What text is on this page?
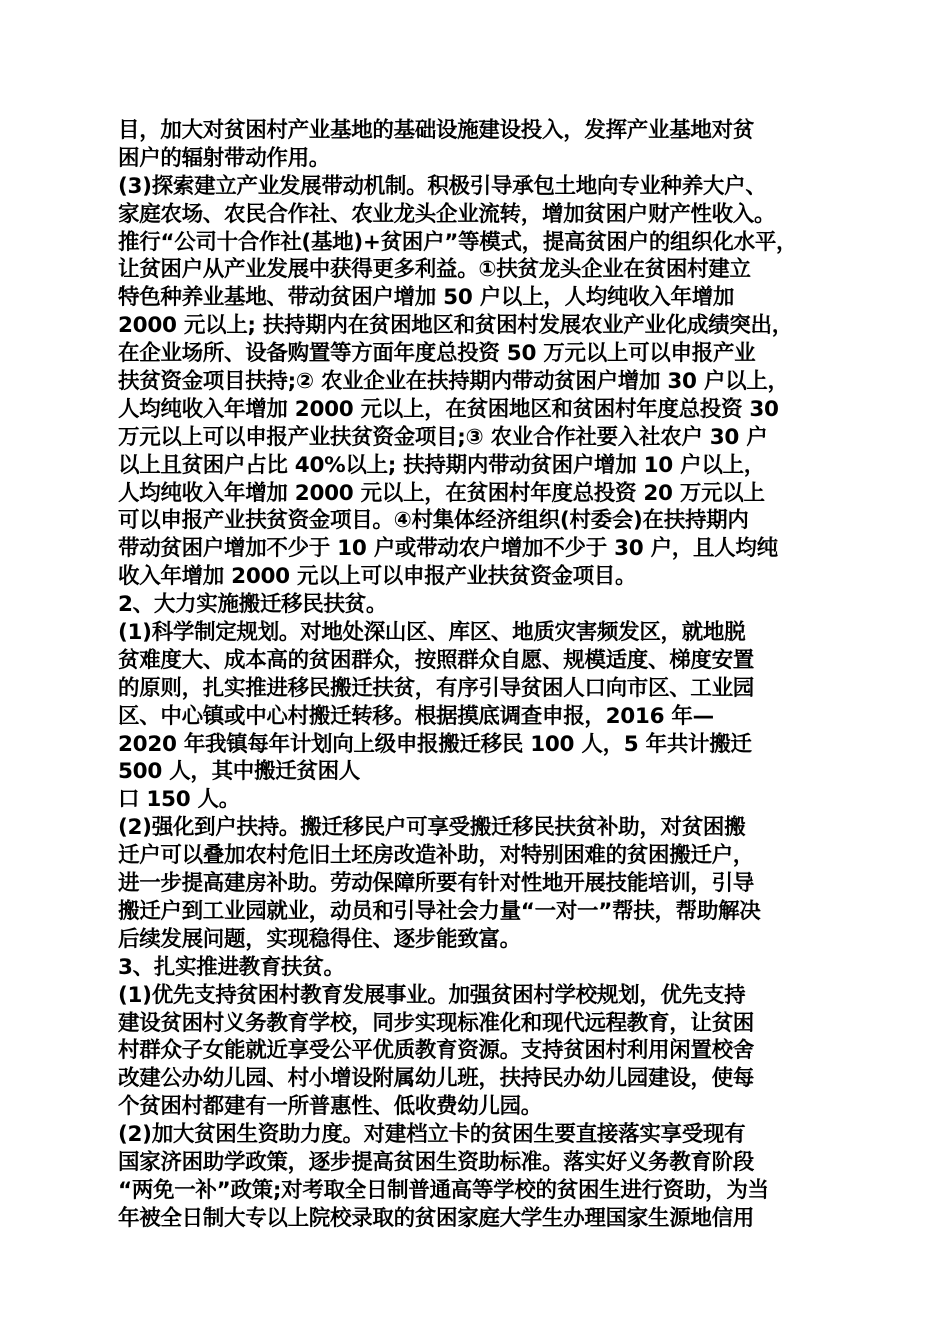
目，加大对贫困村产业基地的基础设施建设投入，发挥产业基地对贫
困户的辐射带动作用。
(3)探索建立产业发展带动机制。积极引导承包土地向专业种养大户、
家庭农场、农民合作社、农业龙头企业流转，增加贫困户财产性收入。
推行“公司十合作社(基地)+贫困户”等模式，提高贫困户的组织化水平，
让贫困户从产业发展中获得更多利益。①扶贫龙头企业在贫困村建立
特色种养业基地、带动贫困户增加 50 户以上，人均纯收入年增加
2000 元以上; 扶持期内在贫困地区和贫困村发展农业产业化成绩突出，
在企业场所、设备购置等方面年度总投资 50 万元以上可以申报产业
扶贫资金项目扶持;② 农业企业在扶持期内带动贫困户增加 30 户以上，
人均纯收入年增加 2000 元以上，在贫困地区和贫困村年度总投资 30
万元以上可以申报产业扶贫资金项目;③ 农业合作社要入社农户 30 户
以上且贫困户占比 40%以上; 扶持期内带动贫困户增加 10 户以上，
人均纯收入年增加 2000 元以上，在贫困村年度总投资 20 万元以上
可以申报产业扶贫资金项目。④村集体经济组织(村委会)在扶持期内
带动贫困户增加不少于 10 户或带动农户增加不少于 30 户，且人均纯
收入年增加 2000 元以上可以申报产业扶贫资金项目。
2、大力实施搬迁移民扶贫。
(1)科学制定规划。对地处深山区、库区、地质灾害频发区，就地脱
贫难度大、成本高的贫困群众，按照群众自愿、规模适度、梯度安置
的原则，扎实推进移民搬迁扶贫，有序引导贫困人口向市区、工业园
区、中心镇或中心村搬迁转移。根据摸底调查申报，2016 年—
2020 年我镇每年计划向上级申报搬迁移民 100 人，5 年共计搬迁
500 人，其中搬迁贫困人
口 150 人。
(2)强化到户扶持。搬迁移民户可享受搬迁移民扶贫补助，对贫困搬
迁户可以叠加农村危旧土坯房改造补助，对特别困难的贫困搬迁户，
进一步提高建房补助。劳动保障所要有针对性地开展技能培训，引导
搬迁户到工业园就业，动员和引导社会力量“一对一”帮扶，帮助解决
后续发展问题，实现稳得住、逐步能致富。
3、扎实推进教育扶贫。
(1)优先支持贫困村教育发展事业。加强贫困村学校规划，优先支持
建设贫困村义务教育学校，同步实现标准化和现代远程教育，让贫困
村群众子女能就近享受公平优质教育资源。支持贫困村利用闲置校舍
改建公办幼儿园、村小增设附属幼儿班，扶持民办幼儿园建设，使每
个贫困村都建有一所普惠性、低收费幼儿园。
(2)加大贫困生资助力度。对建档立卡的贫困生要直接落实享受现有
国家济困助学政策，逐步提高贫困生资助标准。落实好义务教育阶段
“两免一补”政策;对考取全日制普通高等学校的贫困生进行资助，为当
年被全日制大专以上院校录取的贫困家庭大学生办理国家生源地信用
